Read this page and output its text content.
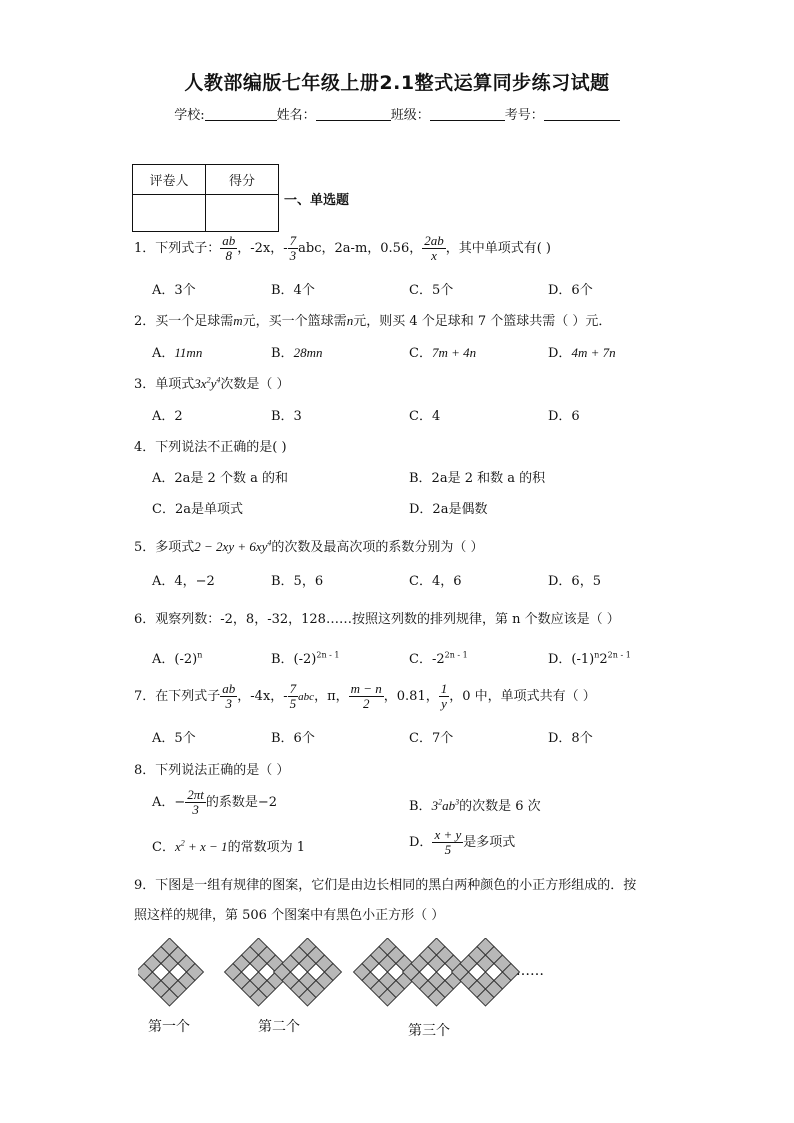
人教部编版七年级上册2.1整式运算同步练习试题
学校:	姓名：	班级：	考号：
评卷人	得分

一、单选题
1．下列式子： $\frac{ab}{8}$ ，-2x，- $\frac{7}{3}$ abc，2a-m，0.56， $\frac{2ab}{x}$ ，其中单项式有( )
A．3个	B．4个	C．5个	D．6个
2．买一个足球需m元，买一个篮球需n元，则买 4 个足球和 7 个篮球共需（ ）元．
A．11mn	B．28mn	C．7m + 4n	D．4m + 7n
3．单项式$3x^2y^4$次数是（ ）
A．2	B．3	C．4	D．6
4．下列说法不正确的是( )
A．2a是 2 个数 a 的和	B．2a是 2 和数 a 的积
C．2a是单项式	D．2a是偶数
5．多项式$2 - 2xy + 6xy^4$的次数及最高次项的系数分别为（ ）
A．4，−2	B．5，6	C．4，6	D．6，5
6．观察列数：-2，8，-32，128……按照这列数的排列规律，第 n 个数应该是（ ）
A．$(-2)^n$	B．$(-2)^{2n - 1}$	C．$-2^{2n - 1}$	D．$(-1)^n2^{2n - 1}$
7．在下列式子 $\frac{ab}{3}$ ，-4x，- $\frac{7}{5}$ abc，π， $\frac{m - n}{2}$ ，0.81， $\frac{1}{y}$ ，0 中，单项式共有（ ）
A．5个	B．6个	C．7个	D．8个
8．下列说法正确的是（ ）
A．− $\frac{2\pi t}{3}$ 的系数是−2	B．$3^2ab^3$的次数是 6 次
C．$x^2 + x - 1$的常数项为 1	D． $\frac{x + y}{5}$ 是多项式
9．下图是一组有规律的图案，它们是由边长相同的黑白两种颜色的小正方形组成的．按
照这样的规律，第 506 个图案中有黑色小正方形（ ）
第一个	第二个	第三个
……
